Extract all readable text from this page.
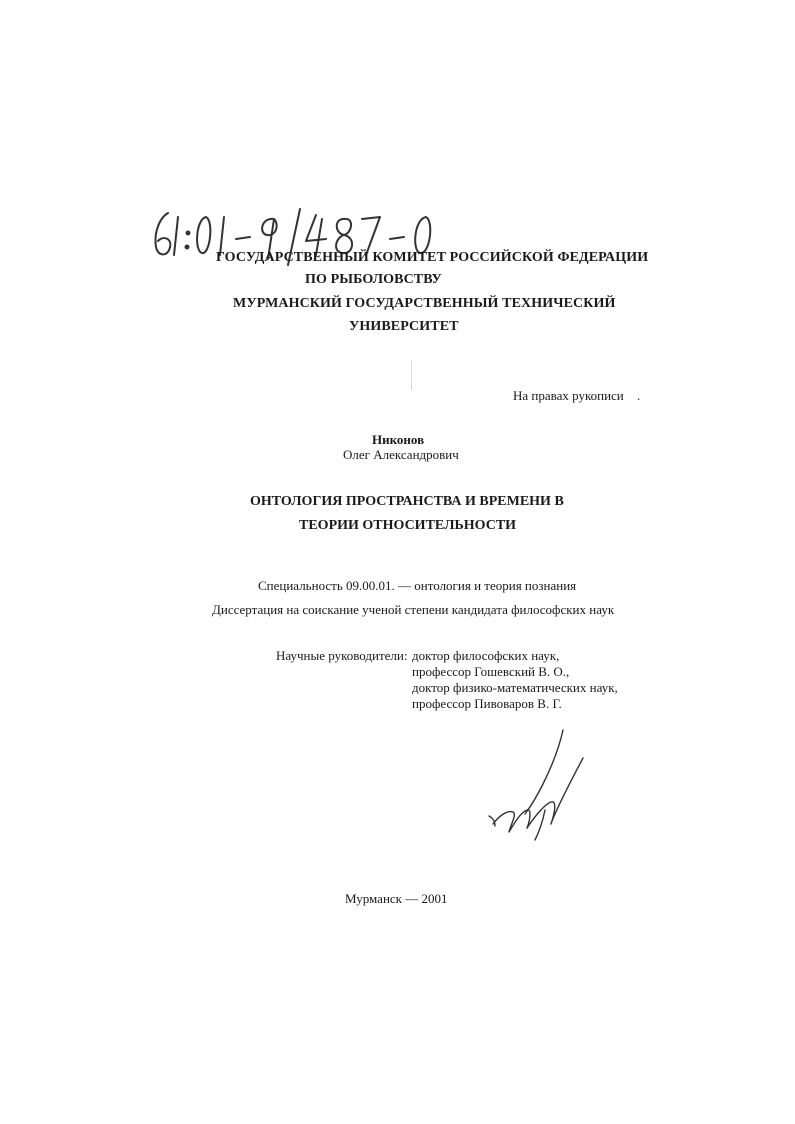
ГОСУДАРСТВЕННЫЙ КОМИТЕТ РОССИЙСКОЙ ФЕДЕРАЦИИ
ПО РЫБОЛОВСТВУ
МУРМАНСКИЙ ГОСУДАРСТВЕННЫЙ ТЕХНИЧЕСКИЙ
УНИВЕРСИТЕТ
На правах рукописи .
Никонов
Олег Александрович
ОНТОЛОГИЯ ПРОСТРАНСТВА И ВРЕМЕНИ В
ТЕОРИИ ОТНОСИТЕЛЬНОСТИ
Специальность 09.00.01. — онтология и теория познания
Диссертация на соискание ученой степени кандидата философских наук
Научные руководители: доктор философских наук,
профессор Гошевский В. О.,
доктор физико-математических наук,
профессор Пивоваров В. Г.
Мурманск — 2001
